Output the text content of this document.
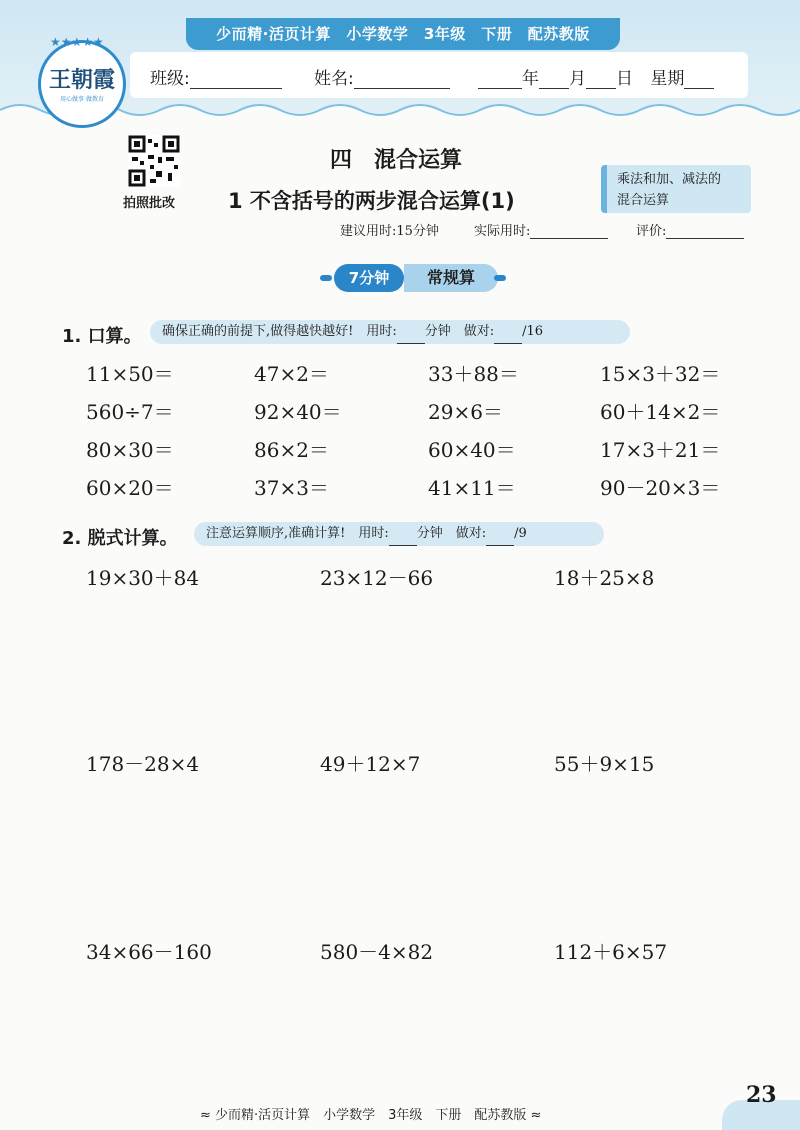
少而精·活页计算　小学数学　3年级　下册　配苏教版
班级:	姓名:	年 月 日 星期
王朝霞
用心做事 做教育
★★★★★
拍照批改
四　混合运算
1 不含括号的两步混合运算(1)
乘法和加、减法的
混合运算
建议用时:15分钟	实际用时:	评价:
7分钟	常规算
1. 口算。	确保正确的前提下,做得越快越好!　用时: 分钟　做对: /16
11×50＝	47×2＝	33＋88＝	15×3＋32＝
560÷7＝	92×40＝	29×6＝	60＋14×2＝
80×30＝	86×2＝	60×40＝	17×3＋21＝
60×20＝	37×3＝	41×11＝	90－20×3＝
2. 脱式计算。	注意运算顺序,准确计算!　用时: 分钟　做对: /9
19×30＋84	23×12－66	18＋25×8
178－28×4	49＋12×7	55＋9×15
34×66－160	580－4×82	112＋6×57
≈ 少而精·活页计算　小学数学　3年级　下册　配苏教版 ≈
23
